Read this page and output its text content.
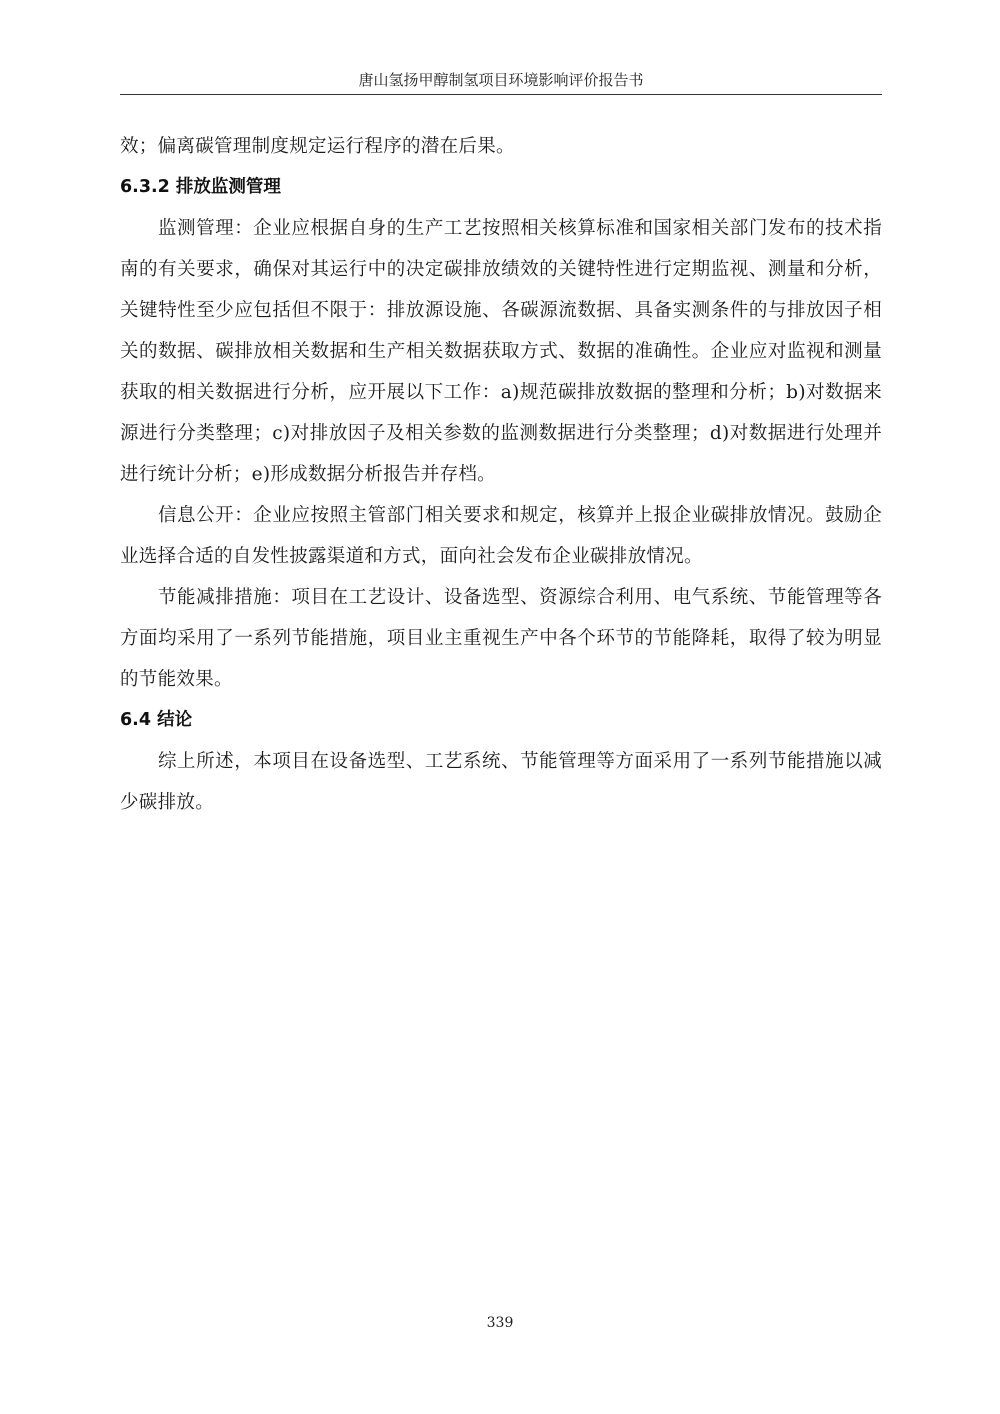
唐山氢扬甲醇制氢项目环境影响评价报告书

效；偏离碳管理制度规定运行程序的潜在后果。

6.3.2 排放监测管理

监测管理：企业应根据自身的生产工艺按照相关核算标准和国家相关部门发布的技术指南的有关要求，确保对其运行中的决定碳排放绩效的关键特性进行定期监视、测量和分析，关键特性至少应包括但不限于：排放源设施、各碳源流数据、具备实测条件的与排放因子相关的数据、碳排放相关数据和生产相关数据获取方式、数据的准确性。企业应对监视和测量获取的相关数据进行分析，应开展以下工作：a)规范碳排放数据的整理和分析；b)对数据来源进行分类整理；c)对排放因子及相关参数的监测数据进行分类整理；d)对数据进行处理并进行统计分析；e)形成数据分析报告并存档。

信息公开：企业应按照主管部门相关要求和规定，核算并上报企业碳排放情况。鼓励企业选择合适的自发性披露渠道和方式，面向社会发布企业碳排放情况。

节能减排措施：项目在工艺设计、设备选型、资源综合利用、电气系统、节能管理等各方面均采用了一系列节能措施，项目业主重视生产中各个环节的节能降耗，取得了较为明显的节能效果。

6.4 结论

综上所述，本项目在设备选型、工艺系统、节能管理等方面采用了一系列节能措施以减少碳排放。

339
